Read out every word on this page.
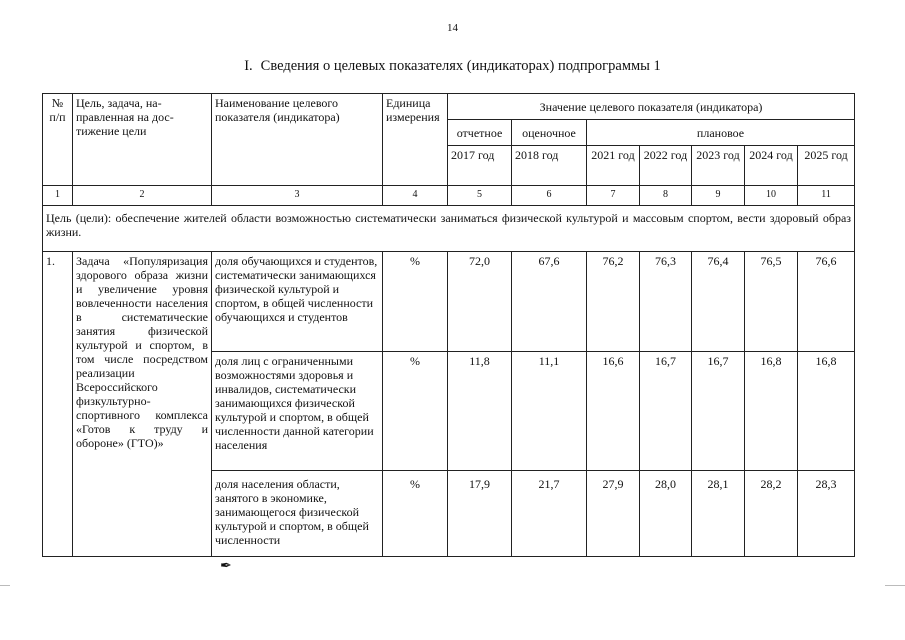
14
I. Сведения о целевых показателях (индикаторах) подпрограммы 1
№ п/п	Цель, задача, на-правленная на дос-тижение цели	Наименование целевого показателя (индикатора)	Единица измерения	Значение целевого показателя (индикатора)						
				отчетное	оценочное	плановое				
				2017 год	2018 год	2021 год	2022 год	2023 год	2024 год	2025 год
1	2	3	4	5	6	7	8	9	10	11
Цель (цели): обеспечение жителей области возможностью систематически заниматься физической культурой и массовым спортом, вести здоровый образ жизни.										
1.	Задача «Популяризация здорового образа жизни и увеличение уровня вовлеченности населения в систематические занятия физической культурой и спортом, в том числе посредством реализации Всероссийского физкультурно-спортивного комплекса «Готов к труду и обороне» (ГТО)»	доля обучающихся и студентов, систематически занимающихся физической культурой и спортом, в общей численности обучающихся и студентов	%	72,0	67,6	76,2	76,3	76,4	76,5	76,6
		доля лиц с ограниченными возможностями здоровья и инвалидов, систематически занимающихся физической культурой и спортом, в общей численности данной категории населения	%	11,8	11,1	16,6	16,7	16,7	16,8	16,8
		доля населения области, занятого в экономике, занимающегося физической культурой и спортом, в общей численности	%	17,9	21,7	27,9	28,0	28,1	28,2	28,3
✒
